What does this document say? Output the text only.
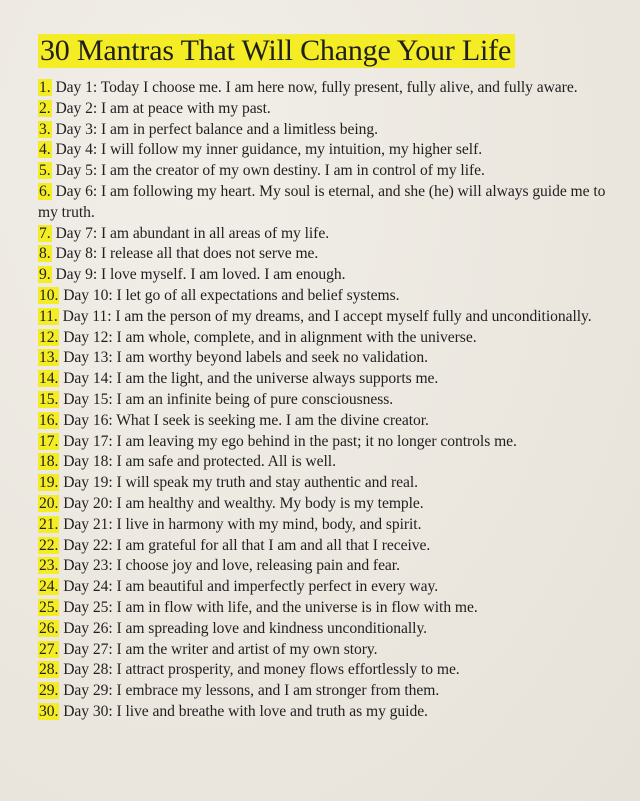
30 Mantras That Will Change Your Life
1. Day 1: Today I choose me. I am here now, fully present, fully alive, and fully aware.
2. Day 2: I am at peace with my past.
3. Day 3: I am in perfect balance and a limitless being.
4. Day 4: I will follow my inner guidance, my intuition, my higher self.
5. Day 5: I am the creator of my own destiny. I am in control of my life.
6. Day 6: I am following my heart. My soul is eternal, and she (he) will always guide me to my truth.
7. Day 7: I am abundant in all areas of my life.
8. Day 8: I release all that does not serve me.
9. Day 9: I love myself. I am loved. I am enough.
10. Day 10: I let go of all expectations and belief systems.
11. Day 11: I am the person of my dreams, and I accept myself fully and unconditionally.
12. Day 12: I am whole, complete, and in alignment with the universe.
13. Day 13: I am worthy beyond labels and seek no validation.
14. Day 14: I am the light, and the universe always supports me.
15. Day 15: I am an infinite being of pure consciousness.
16. Day 16: What I seek is seeking me. I am the divine creator.
17. Day 17: I am leaving my ego behind in the past; it no longer controls me.
18. Day 18: I am safe and protected. All is well.
19. Day 19: I will speak my truth and stay authentic and real.
20. Day 20: I am healthy and wealthy. My body is my temple.
21. Day 21: I live in harmony with my mind, body, and spirit.
22. Day 22: I am grateful for all that I am and all that I receive.
23. Day 23: I choose joy and love, releasing pain and fear.
24. Day 24: I am beautiful and imperfectly perfect in every way.
25. Day 25: I am in flow with life, and the universe is in flow with me.
26. Day 26: I am spreading love and kindness unconditionally.
27. Day 27: I am the writer and artist of my own story.
28. Day 28: I attract prosperity, and money flows effortlessly to me.
29. Day 29: I embrace my lessons, and I am stronger from them.
30. Day 30: I live and breathe with love and truth as my guide.
